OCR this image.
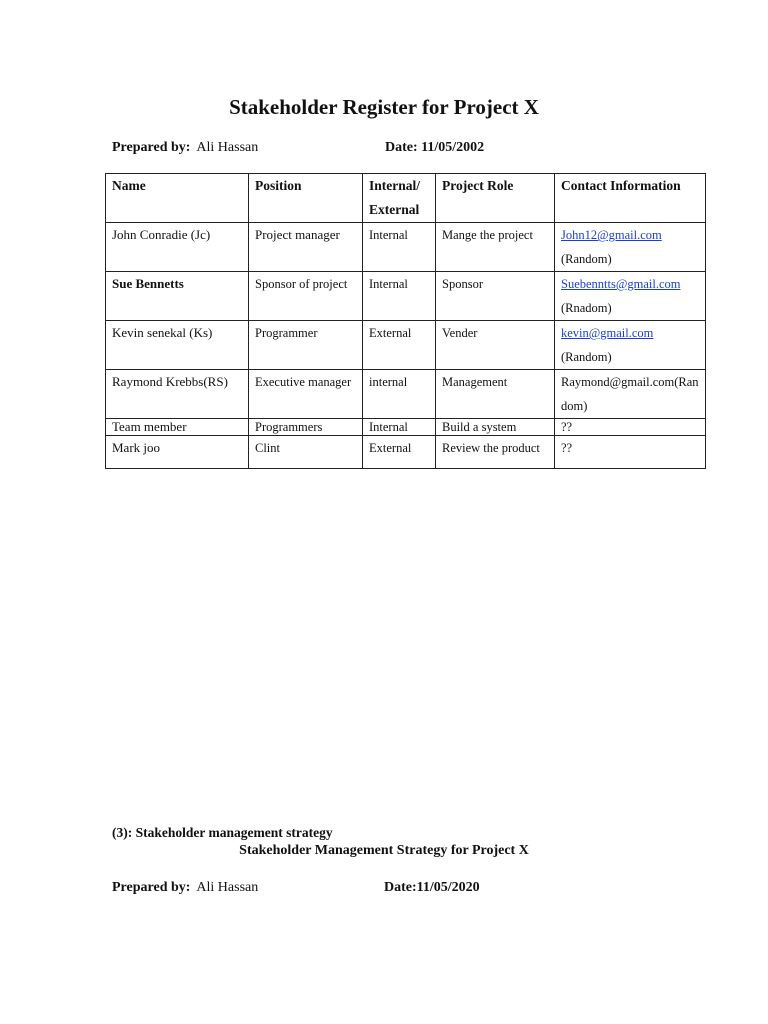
Stakeholder Register for Project X
Prepared by: Ali Hassan	Date: 11/05/2002
Name	Position	Internal/ External	Project Role	Contact Information
John Conradie (Jc)	Project manager	Internal	Mange the project	John12@gmail.com
(Random)
Sue Bennetts	Sponsor of project	Internal	Sponsor	Suebenntts@gmail.com
(Rnadom)
Kevin senekal (Ks)	Programmer	External	Vender	kevin@gmail.com
(Random)
Raymond Krebbs(RS)	Executive manager	internal	Management	Raymond@gmail.com(Random)
Team member	Programmers	Internal	Build a system	??
Mark joo	Clint	External	Review the product	??
(3): Stakeholder management strategy
Stakeholder Management Strategy for Project X
Prepared by: Ali Hassan	Date:11/05/2020
